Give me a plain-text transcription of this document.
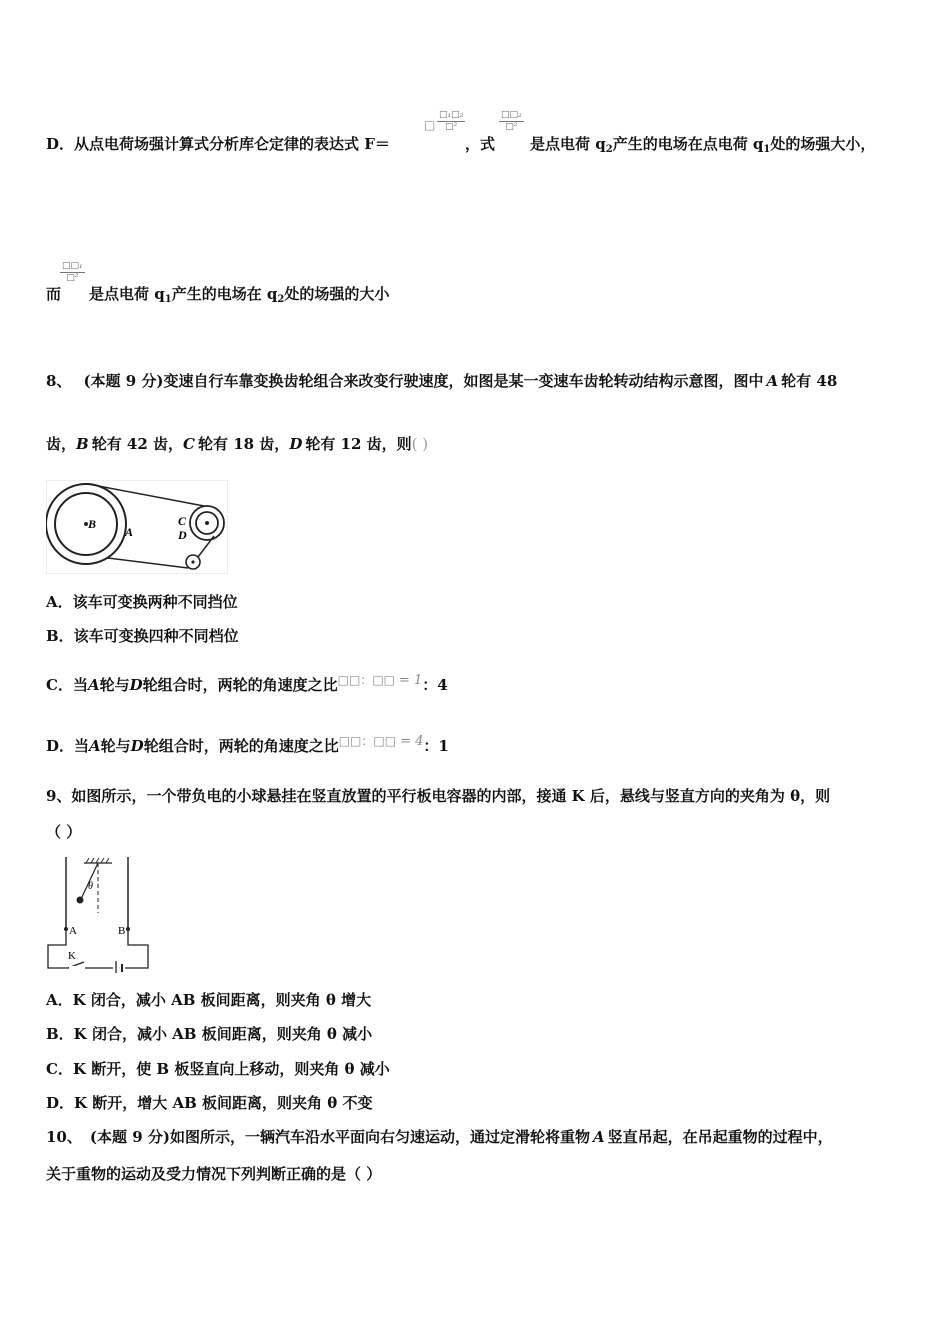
D．从点电荷场强计算式分析库仑定律的表达式 F＝
□
□₁□₂
□²
，式
□□₂
□²
是点电荷 $q_2$产生的电场在点电荷 $q_1$处的场强大小，
而
□□₁
□²
是点电荷 $q_1$产生的电场在 $q_2$处的场强的大小
8、 (本题 9 分)变速自行车靠变换齿轮组合来改变行驶速度，如图是某一变速车齿轮转动结构示意图，图中 A 轮有 48
齿，B 轮有 42 齿，C 轮有 18 齿，D 轮有 12 齿，则( )
B
A
C
D
A．该车可变换两种不同挡位
B．该车可变换四种不同档位
C．当A轮与D轮组合时，两轮的角速度之比□□：□□ = 1：4
D．当A轮与D轮组合时，两轮的角速度之比□□：□□ = 4：1
9、如图所示，一个带负电的小球悬挂在竖直放置的平行板电容器的内部，接通 K 后，悬线与竖直方向的夹角为 θ，则
（ ）
θ
A	B
K
A．K 闭合，减小 AB 板间距离，则夹角 θ 增大
B．K 闭合，减小 AB 板间距离，则夹角 θ 减小
C．K 断开，使 B 板竖直向上移动，则夹角 θ 减小
D．K 断开，增大 AB 板间距离，则夹角 θ 不变
10、 (本题 9 分)如图所示，一辆汽车沿水平面向右匀速运动，通过定滑轮将重物 A 竖直吊起，在吊起重物的过程中，
关于重物的运动及受力情况下列判断正确的是（ ）
